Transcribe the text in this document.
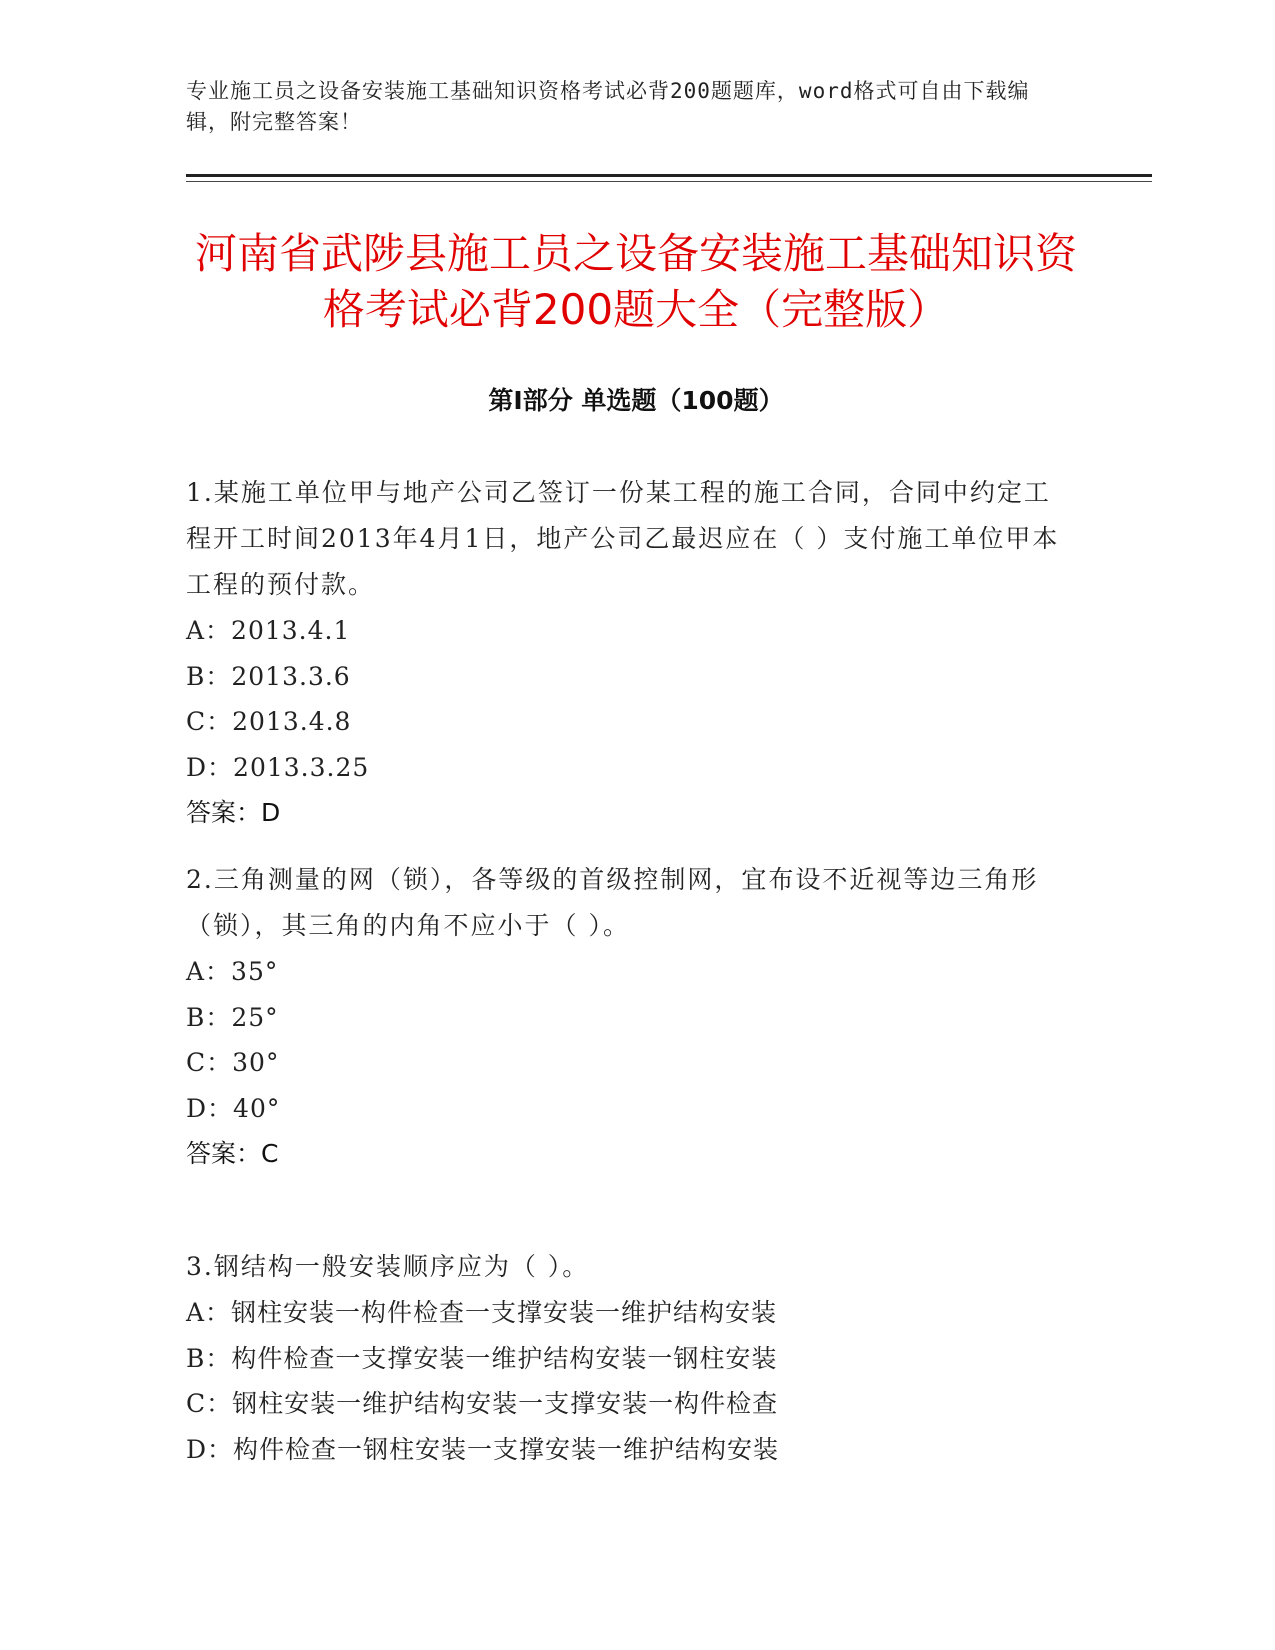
专业施工员之设备安装施工基础知识资格考试必背200题题库，word格式可自由下载编辑，附完整答案！
河南省武陟县施工员之设备安装施工基础知识资格考试必背200题大全（完整版）
第Ⅰ部分 单选题（100题）

1.某施工单位甲与地产公司乙签订一份某工程的施工合同，合同中约定工程开工时间2013年4月1日，地产公司乙最迟应在（ ）支付施工单位甲本工程的预付款。

A：2013.4.1

B：2013.3.6

C：2013.4.8

D：2013.3.25

答案：D

2.三角测量的网（锁），各等级的首级控制网，宜布设不近视等边三角形（锁），其三角的内角不应小于（ ）。

A：35°

B：25°

C：30°

D：40°

答案：C

3.钢结构一般安装顺序应为（ ）。

A：钢柱安装一构件检查一支撑安装一维护结构安装

B：构件检查一支撑安装一维护结构安装一钢柱安装

C：钢柱安装一维护结构安装一支撑安装一构件检查

D：构件检查一钢柱安装一支撑安装一维护结构安装
